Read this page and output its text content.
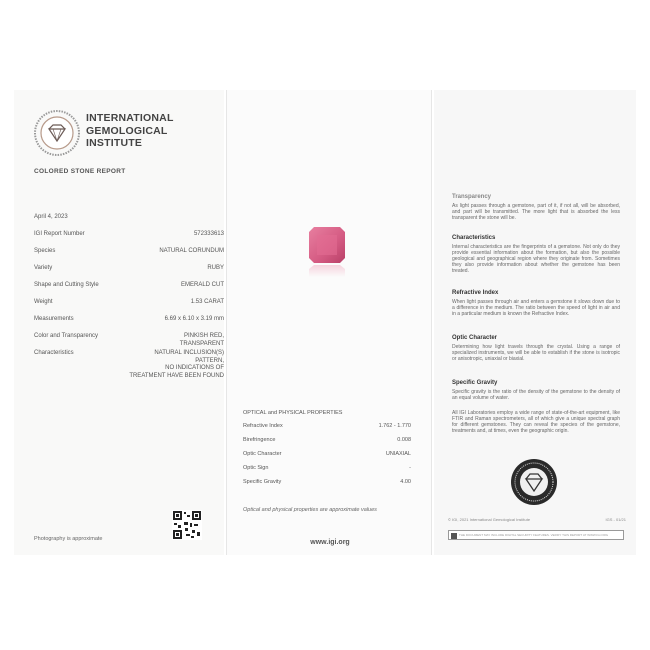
INTERNATIONAL
GEMOLOGICAL
INSTITUTE
COLORED STONE REPORT
April 4, 2023
IGI Report Number	572333613
Species	NATURAL CORUNDUM
Variety	RUBY
Shape and Cutting Style	EMERALD CUT
Weight	1.53 CARAT
Measurements	6.69 x 6.10 x 3.19 mm
Color and Transparency	PINKISH RED,
TRANSPARENT
Characteristics	NATURAL INCLUSION(S)
PATTERN,
NO INDICATIONS OF
TREATMENT HAVE BEEN FOUND
Photography is approximate
OPTICAL and PHYSICAL PROPERTIES
Refractive Index	1.762 - 1.770
Birefringence	0.008
Optic Character	UNIAXIAL
Optic Sign	-
Specific Gravity	4.00
Optical and physical properties are approximate values
www.igi.org
Transparency
As light passes through a gemstone, part of it, if not all, will be absorbed, and part will be transmitted. The more light that is absorbed the less transparent the stone will be.
Characteristics
Internal characteristics are the fingerprints of a gemstone. Not only do they provide essential information about the formation, but also the possible geological and geographical region where they originate from. Sometimes they also provide information about whether the gemstone has been treated.
Refractive Index
When light passes through air and enters a gemstone it slows down due to a difference in the medium. The ratio between the speed of light in air and in a particular medium is known the Refractive Index.
Optic Character
Determining how light travels through the crystal. Using a range of specialized instruments, we will be able to establish if the stone is isotropic or anisotropic, uniaxial or biaxial.
Specific Gravity
Specific gravity is the ratio of the density of the gemstone to the density of an equal volume of water.
All IGI Laboratories employ a wide range of state-of-the-art equipment, like FTIR and Raman spectrometers, all of which give a unique spectral graph for different gemstones. They can reveal the species of the gemstone, treatments and, at times, even the geographic origin.
© IGI, 2021 International Gemological Institute	IGS - 01/21
THE DOCUMENT MAY INCLUDE DIGITAL SECURITY FEATURES. VERIFY THIS REPORT AT WWW.IGI.ORG
